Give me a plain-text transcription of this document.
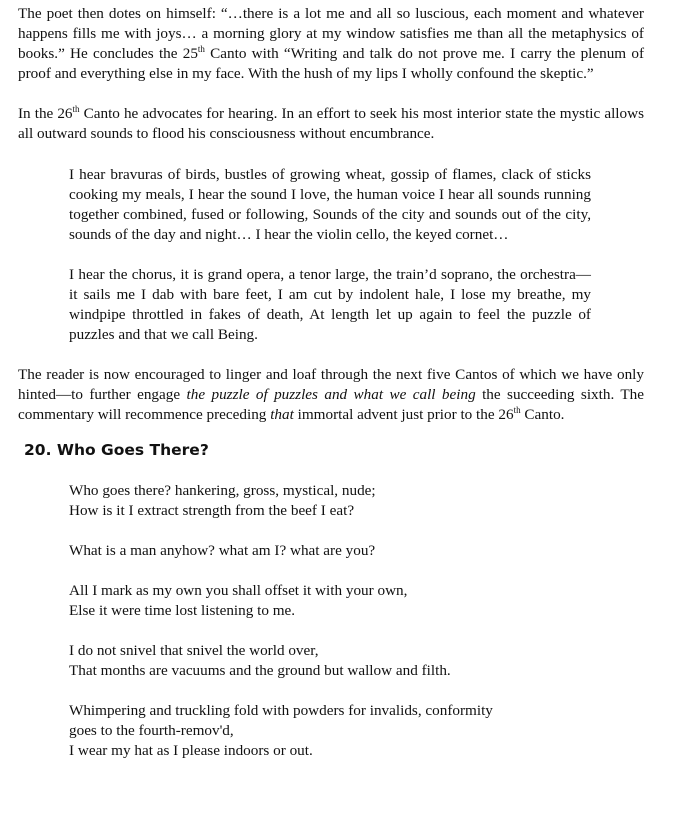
The poet then dotes on himself: “…there is a lot me and all so luscious, each moment and whatever happens fills me with joys… a morning glory at my window satisfies me than all the metaphysics of books.” He concludes the 25th Canto with “Writing and talk do not prove me. I carry the plenum of proof and everything else in my face. With the hush of my lips I wholly confound the skeptic.”

In the 26th Canto he advocates for hearing. In an effort to seek his most interior state the mystic allows all outward sounds to flood his consciousness without encumbrance.

I hear bravuras of birds, bustles of growing wheat, gossip of flames, clack of sticks cooking my meals, I hear the sound I love, the human voice I hear all sounds running together combined, fused or following, Sounds of the city and sounds out of the city, sounds of the day and night… I hear the violin cello, the keyed cornet…

I hear the chorus, it is grand opera, a tenor large, the train’d soprano, the orchestra—it sails me I dab with bare feet, I am cut by indolent hale, I lose my breathe, my windpipe throttled in fakes of death, At length let up again to feel the puzzle of puzzles and that we call Being.

The reader is now encouraged to linger and loaf through the next five Cantos of which we have only hinted—to further engage the puzzle of puzzles and what we call being the succeeding sixth. The commentary will recommence preceding that immortal advent just prior to the 26th Canto.

20. Who Goes There?

Who goes there? hankering, gross, mystical, nude;
How is it I extract strength from the beef I eat?

What is a man anyhow? what am I? what are you?

All I mark as my own you shall offset it with your own,
Else it were time lost listening to me.

I do not snivel that snivel the world over,
That months are vacuums and the ground but wallow and filth.

Whimpering and truckling fold with powders for invalids, conformity
goes to the fourth-remov'd,
I wear my hat as I please indoors or out.
